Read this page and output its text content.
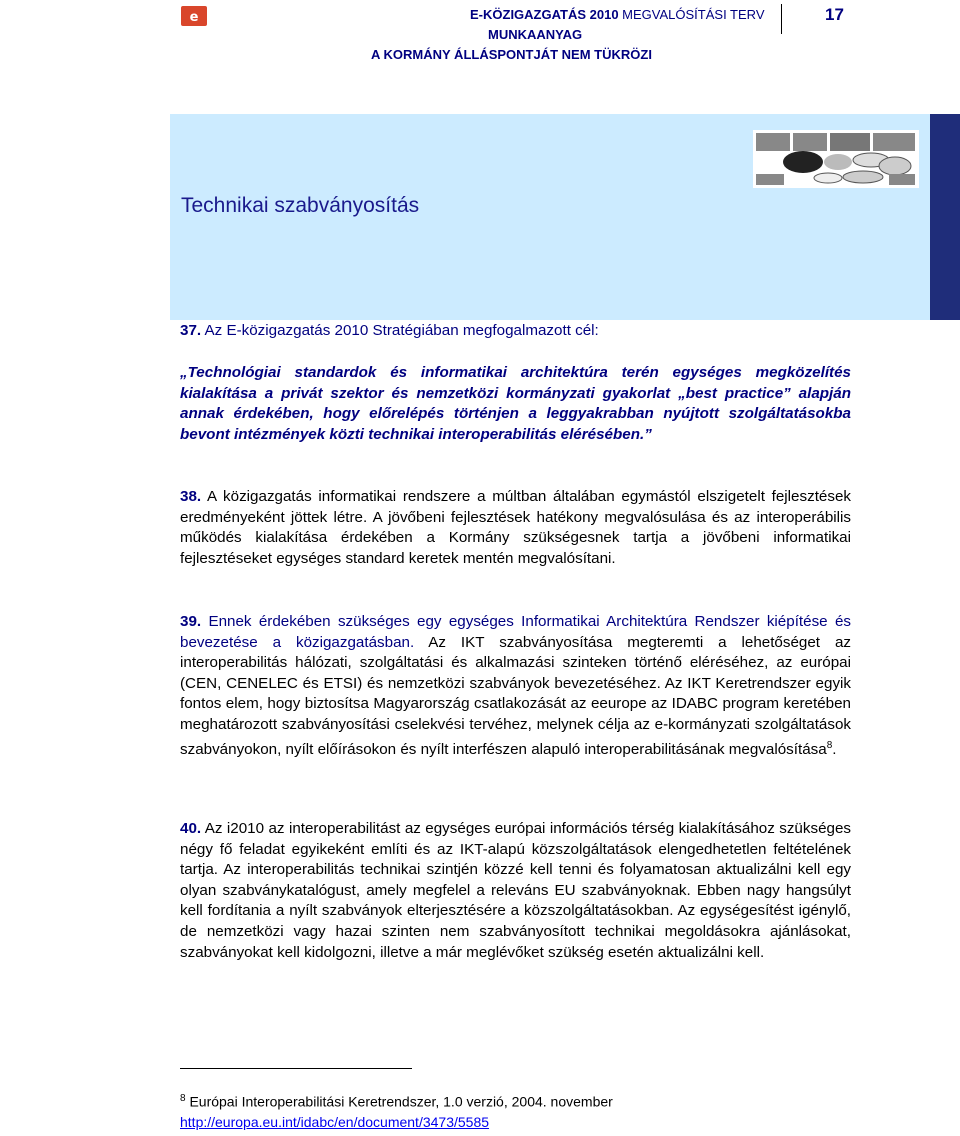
e	E-KÖZIGAZGATÁS 2010 MEGVALÓSÍTÁSI TERV
MUNKAANYAG
A KORMÁNY ÁLLÁSPONTJÁT NEM TÜKRÖZI
17
Technikai szabványosítás
37. Az E-közigazgatás 2010 Stratégiában megfogalmazott cél:
„Technológiai standardok és informatikai architektúra terén egységes megközelítés kialakítása a privát szektor és nemzetközi kormányzati gyakorlat „best practice” alapján annak érdekében, hogy előrelépés történjen a leggyakrabban nyújtott szolgáltatásokba bevont intézmények közti technikai interoperabilitás elérésében.”
38. A közigazgatás informatikai rendszere a múltban általában egymástól elszigetelt fejlesztések eredményeként jöttek létre. A jövőbeni fejlesztések hatékony megvalósulása és az interoperábilis működés kialakítása érdekében a Kormány szükségesnek tartja a jövőbeni informatikai fejlesztéseket egységes standard keretek mentén megvalósítani.
39. Ennek érdekében szükséges egy egységes Informatikai Architektúra Rendszer kiépítése és bevezetése a közigazgatásban. Az IKT szabványosítása megteremti a lehetőséget az interoperabilitás hálózati, szolgáltatási és alkalmazási szinteken történő eléréséhez, az európai (CEN, CENELEC és ETSI) és nemzetközi szabványok bevezetéséhez. Az IKT Keretrendszer egyik fontos elem, hogy biztosítsa Magyarország csatlakozását az eeurope az IDABC program keretében meghatározott szabványosítási cselekvési tervéhez, melynek célja az e-kormányzati szolgáltatások szabványokon, nyílt előírásokon és nyílt interfészen alapuló interoperabilitásának megvalósítása$^8$.
40. Az i2010 az interoperabilitást az egységes európai információs térség kialakításához szükséges négy fő feladat egyikeként említi és az IKT-alapú közszolgáltatások elengedhetetlen feltételének tartja. Az interoperabilitás technikai szintjén közzé kell tenni és folyamatosan aktualizálni kell egy olyan szabványkatalógust, amely megfelel a releváns EU szabványoknak. Ebben nagy hangsúlyt kell fordítania a nyílt szabványok elterjesztésére a közszolgáltatásokban. Az egységesítést igénylő, de nemzetközi vagy hazai szinten nem szabványosított technikai megoldásokra ajánlásokat, szabványokat kell kidolgozni, illetve a már meglévőket szükség esetén aktualizálni kell.
$^8$ Európai Interoperabilitási Keretrendszer, 1.0 verzió, 2004. november
http://europa.eu.int/idabc/en/document/3473/5585
